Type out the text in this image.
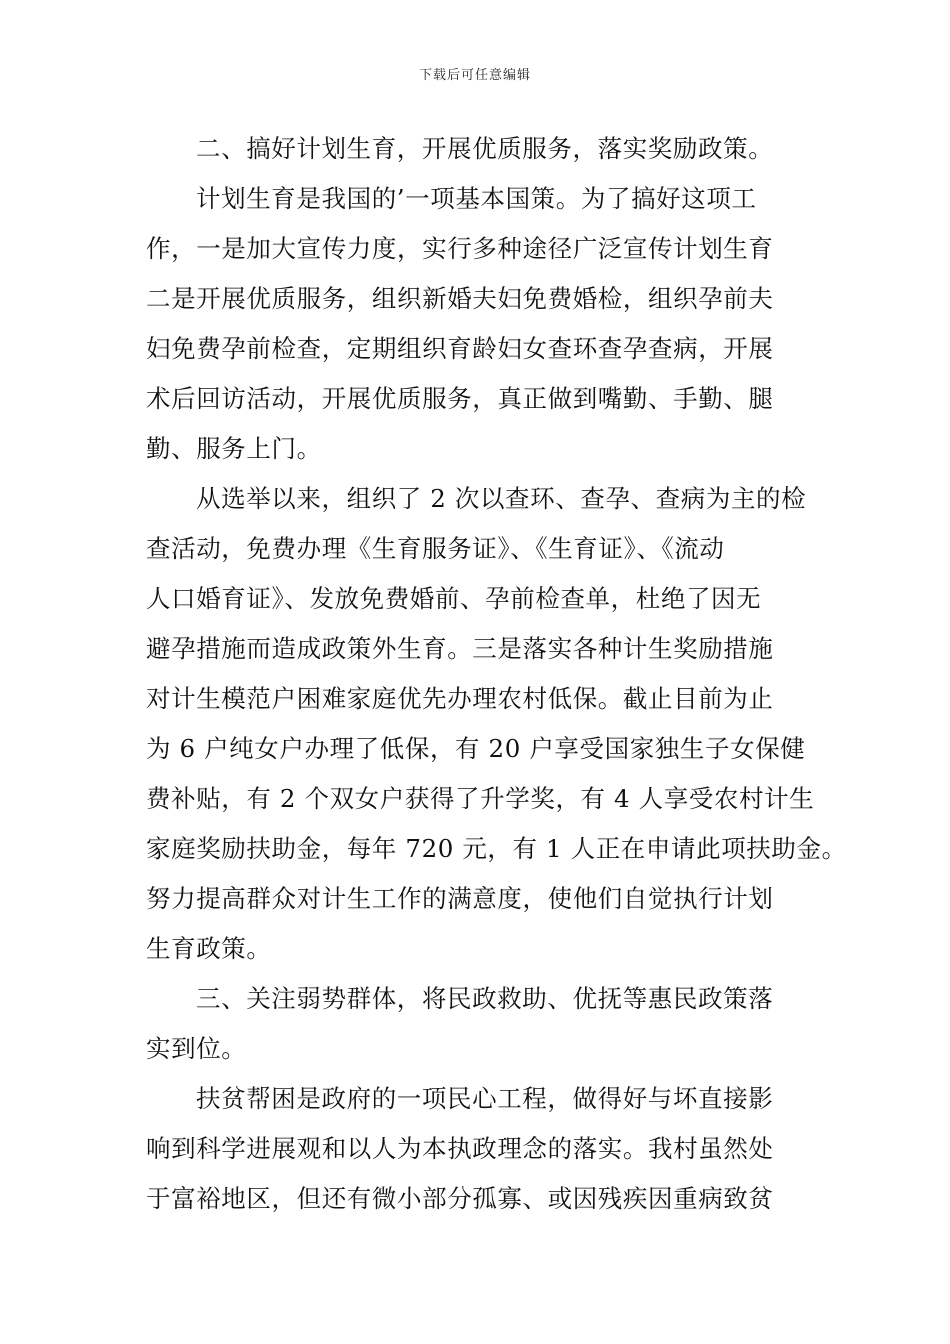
下载后可任意编辑
二、搞好计划生育，开展优质服务，落实奖励政策。
计划生育是我国的’一项基本国策。为了搞好这项工
作，一是加大宣传力度，实行多种途径广泛宣传计划生育
二是开展优质服务，组织新婚夫妇免费婚检，组织孕前夫
妇免费孕前检查，定期组织育龄妇女查环查孕查病，开展
术后回访活动，开展优质服务，真正做到嘴勤、手勤、腿
勤、服务上门。
从选举以来，组织了 2 次以查环、查孕、查病为主的检
查活动，免费办理《生育服务证》、《生育证》、《流动
人口婚育证》、发放免费婚前、孕前检查单，杜绝了因无
避孕措施而造成政策外生育。三是落实各种计生奖励措施
对计生模范户困难家庭优先办理农村低保。截止目前为止
为 6 户纯女户办理了低保，有 20 户享受国家独生子女保健
费补贴，有 2 个双女户获得了升学奖，有 4 人享受农村计生
家庭奖励扶助金，每年 720 元，有 1 人正在申请此项扶助金。
努力提高群众对计生工作的满意度，使他们自觉执行计划
生育政策。
三、关注弱势群体，将民政救助、优抚等惠民政策落
实到位。
扶贫帮困是政府的一项民心工程，做得好与坏直接影
响到科学进展观和以人为本执政理念的落实。我村虽然处
于富裕地区，但还有微小部分孤寡、或因残疾因重病致贫
